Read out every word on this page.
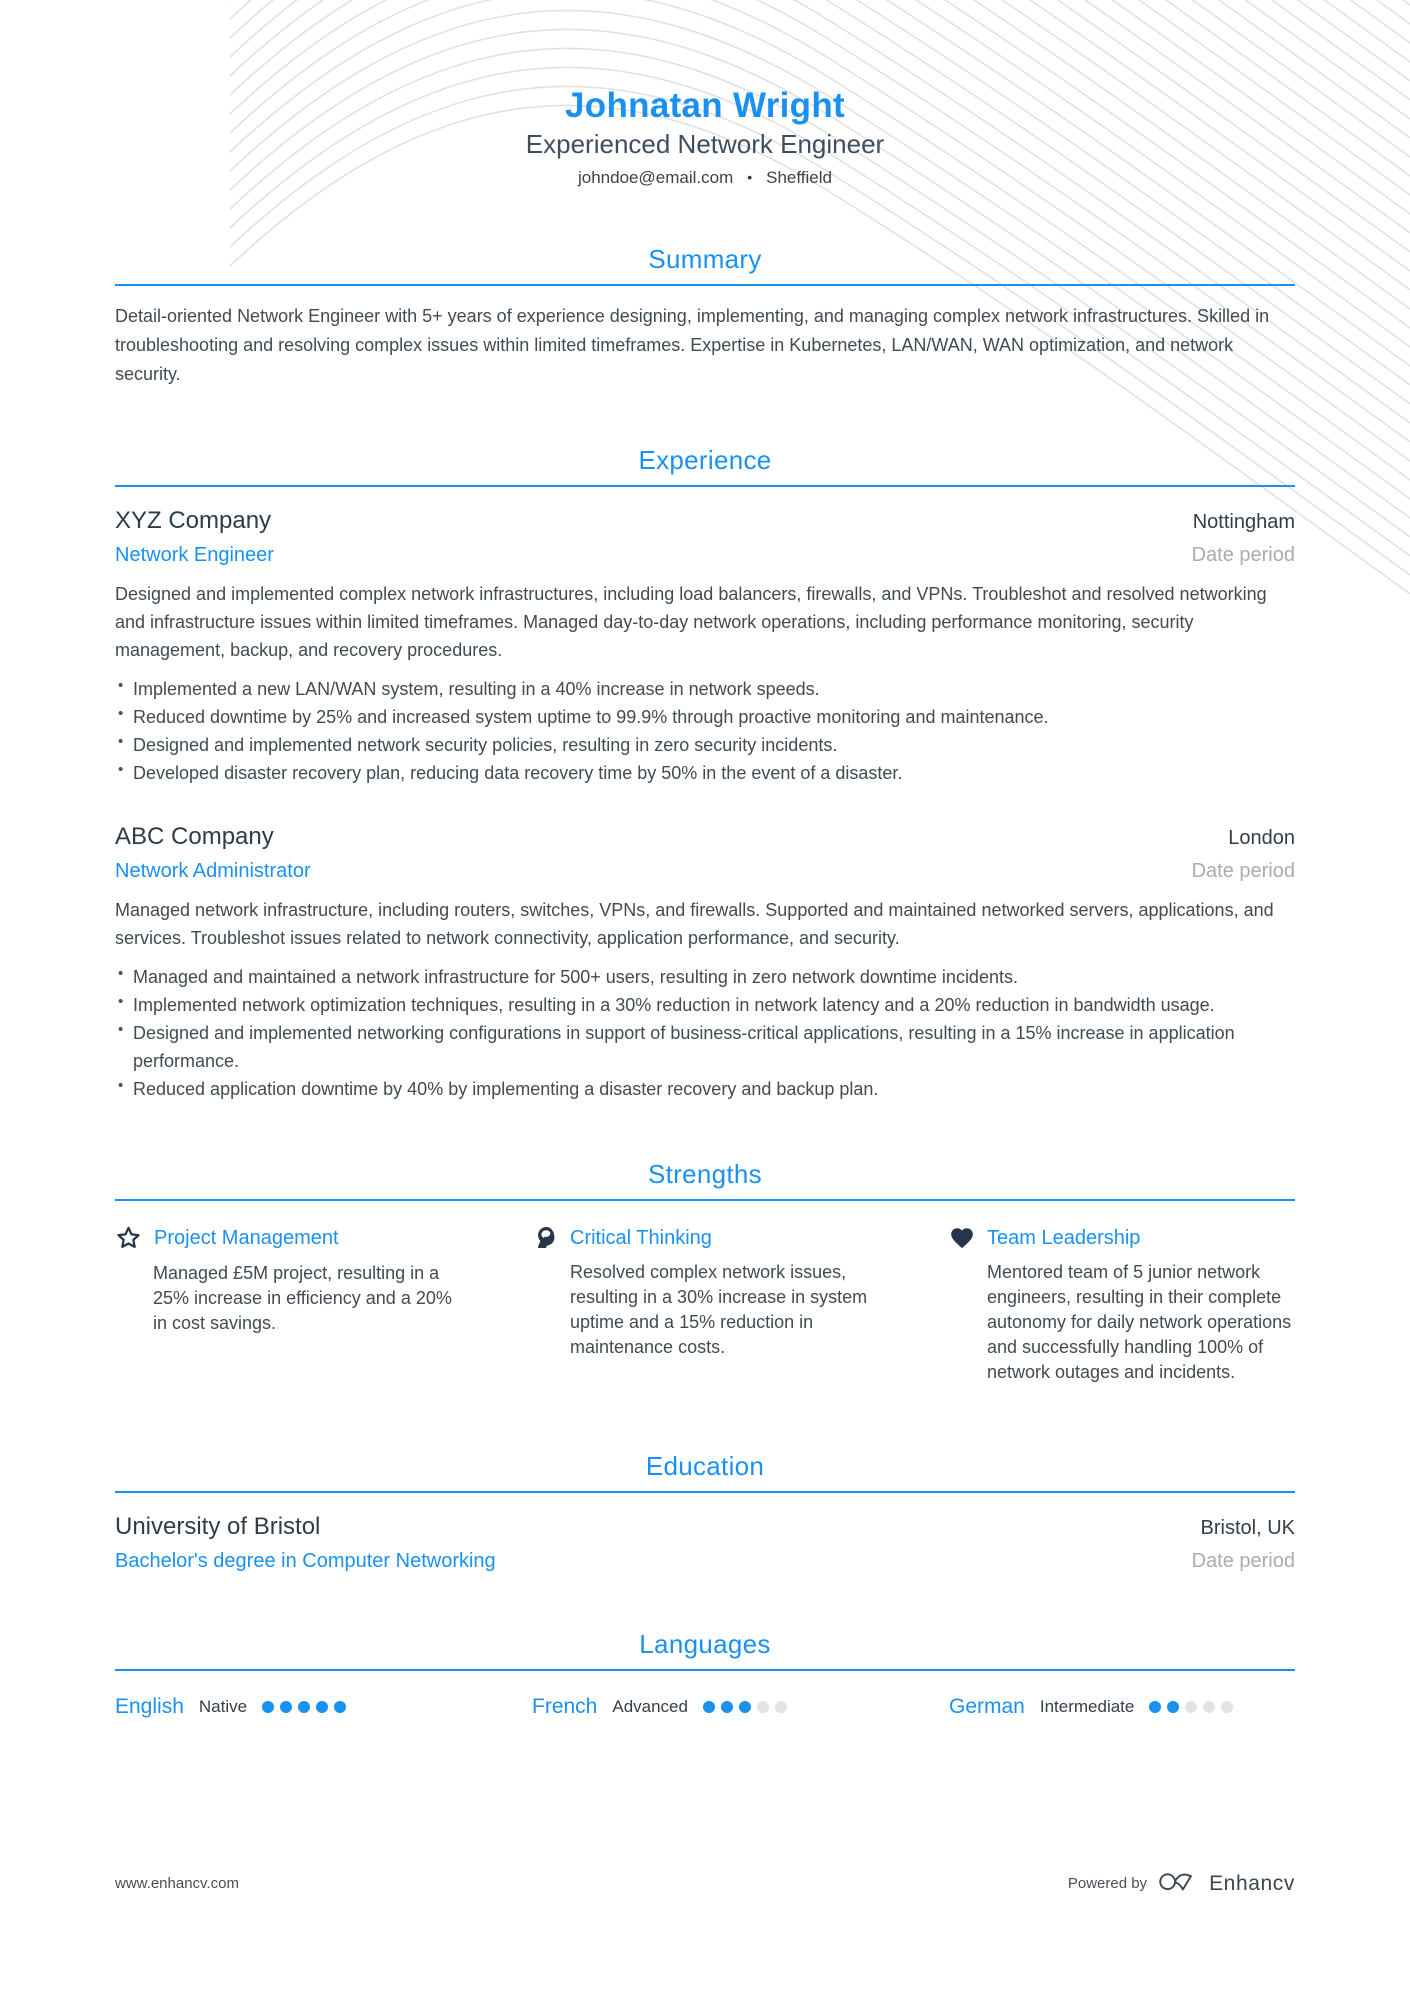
Johnatan Wright
Experienced Network Engineer
johndoe@email.com • Sheffield
Summary

Detail-oriented Network Engineer with 5+ years of experience designing, implementing, and managing complex network infrastructures. Skilled in troubleshooting and resolving complex issues within limited timeframes. Expertise in Kubernetes, LAN/WAN, WAN optimization, and network security.

Experience
XYZ Company	Nottingham
Network Engineer	Date period

Designed and implemented complex network infrastructures, including load balancers, firewalls, and VPNs. Troubleshot and resolved networking and infrastructure issues within limited timeframes. Managed day-to-day network operations, including performance monitoring, security management, backup, and recovery procedures.

• Implemented a new LAN/WAN system, resulting in a 40% increase in network speeds.
• Reduced downtime by 25% and increased system uptime to 99.9% through proactive monitoring and maintenance.
• Designed and implemented network security policies, resulting in zero security incidents.
• Developed disaster recovery plan, reducing data recovery time by 50% in the event of a disaster.
ABC Company	London
Network Administrator	Date period

Managed network infrastructure, including routers, switches, VPNs, and firewalls. Supported and maintained networked servers, applications, and services. Troubleshot issues related to network connectivity, application performance, and security.

• Managed and maintained a network infrastructure for 500+ users, resulting in zero network downtime incidents.
• Implemented network optimization techniques, resulting in a 30% reduction in network latency and a 20% reduction in bandwidth usage.
• Designed and implemented networking configurations in support of business-critical applications, resulting in a 15% increase in application performance.
• Reduced application downtime by 40% by implementing a disaster recovery and backup plan.
Strengths
Project Management

Managed £5M project, resulting in a 25% increase in efficiency and a 20% in cost savings.

Critical Thinking

Resolved complex network issues, resulting in a 30% increase in system uptime and a 15% reduction in maintenance costs.

Team Leadership

Mentored team of 5 junior network engineers, resulting in their complete autonomy for daily network operations and successfully handling 100% of network outages and incidents.

Education
University of Bristol	Bristol, UK
Bachelor's degree in Computer Networking	Date period
Languages
English Native	French Advanced	German Intermediate
www.enhancv.com	Powered by	Enhancv
